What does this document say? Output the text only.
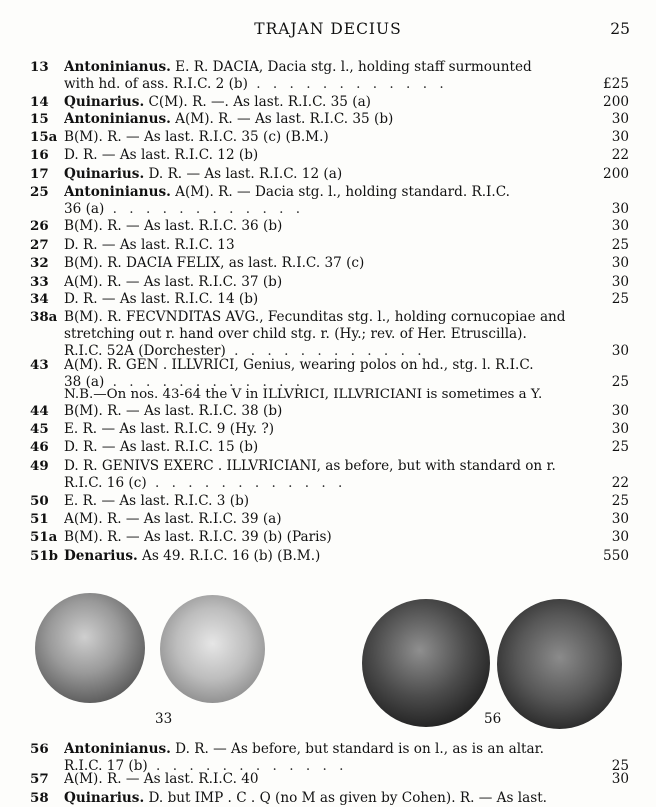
TRAJAN DECIUS	25
13 Antoninianus. E. R. DACIA, Dacia stg. l., holding staff surmounted
with hd. of ass. R.I.C. 2 (b) . . . . . . . . . . . .	£25
14 Quinarius. C(M). R. —. As last. R.I.C. 35 (a)	200
15 Antoninianus. A(M). R. — As last. R.I.C. 35 (b)	30
15a B(M). R. — As last. R.I.C. 35 (c) (B.M.)	30
16 D. R. — As last. R.I.C. 12 (b)	22
17 Quinarius. D. R. — As last. R.I.C. 12 (a)	200
25 Antoninianus. A(M). R. — Dacia stg. l., holding standard. R.I.C.
36 (a) . . . . . . . . . . . .	30
26 B(M). R. — As last. R.I.C. 36 (b)	30
27 D. R. — As last. R.I.C. 13	25
32 B(M). R. DACIA FELIX, as last. R.I.C. 37 (c)	30
33 A(M). R. — As last. R.I.C. 37 (b)	30
34 D. R. — As last. R.I.C. 14 (b)	25
38a B(M). R. FECVNDITAS AVG., Fecunditas stg. l., holding cornucopiae and
stretching out r. hand over child stg. r. (Hy.; rev. of Her. Etruscilla).
R.I.C. 52A (Dorchester) . . . . . . . . . . . .	30
43 A(M). R. GEN . ILLVRICI, Genius, wearing polos on hd., stg. l. R.I.C.
38 (a) . . . . . . . . . . . .	25
44 B(M). R. — As last. R.I.C. 38 (b)	30
45 E. R. — As last. R.I.C. 9 (Hy. ?)	30
46 D. R. — As last. R.I.C. 15 (b)	25
49 D. R. GENIVS EXERC . ILLVRICIANI, as before, but with standard on r.
R.I.C. 16 (c) . . . . . . . . . . . .	22
50 E. R. — As last. R.I.C. 3 (b)	25
51 A(M). R. — As last. R.I.C. 39 (a)	30
51a B(M). R. — As last. R.I.C. 39 (b) (Paris)	30
51b Denarius. As 49. R.I.C. 16 (b) (B.M.)	550
56 Antoninianus. D. R. — As before, but standard is on l., as is an altar.
R.I.C. 17 (b) . . . . . . . . . . . .	25
57 A(M). R. — As last. R.I.C. 40	30
58 Quinarius. D. but IMP . C . Q (no M as given by Cohen). R. — As last.
N.B.—On nos. 43-64 the V in ILLVRICI, ILLVRICIANI is sometimes a Y.
33	56
